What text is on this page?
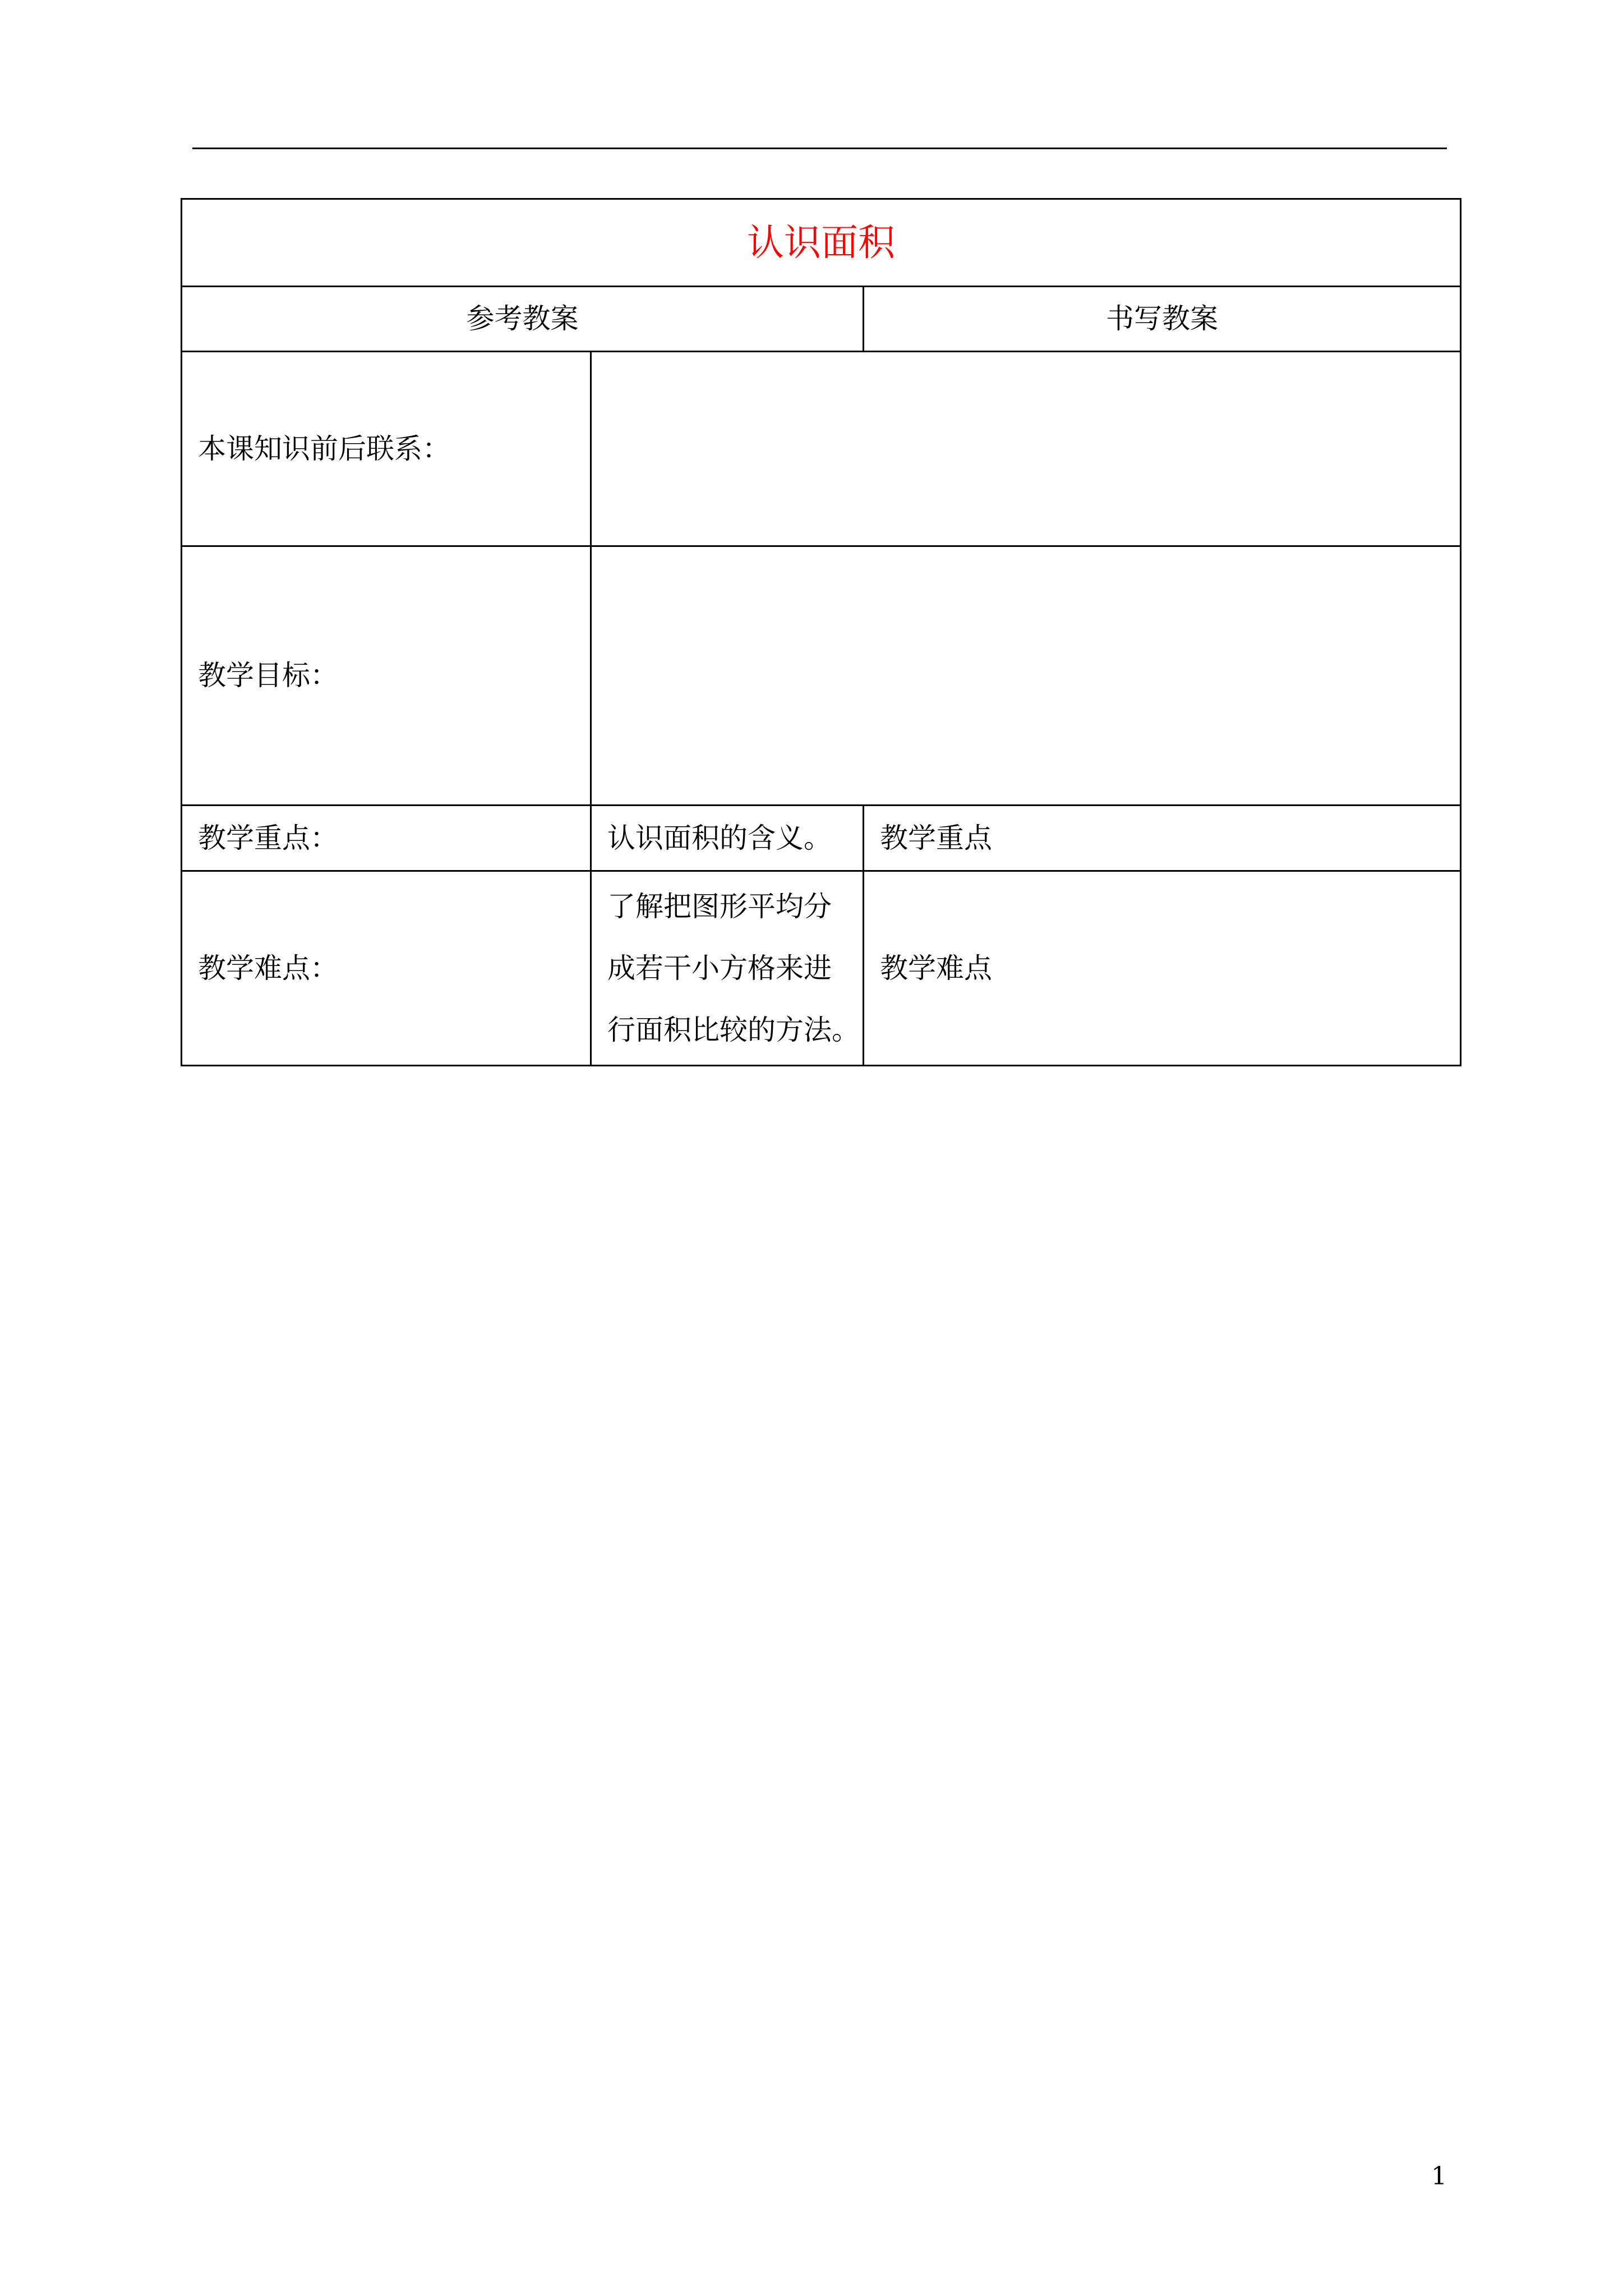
认识面积		
参考教案		书写教案
本课知识前后联系：		
教学目标：		
教学重点：	认识面积的含义。	教学重点
教学难点：	了解把图形平均分
成若干小方格来进
行面积比较的方法。	教学难点
1
